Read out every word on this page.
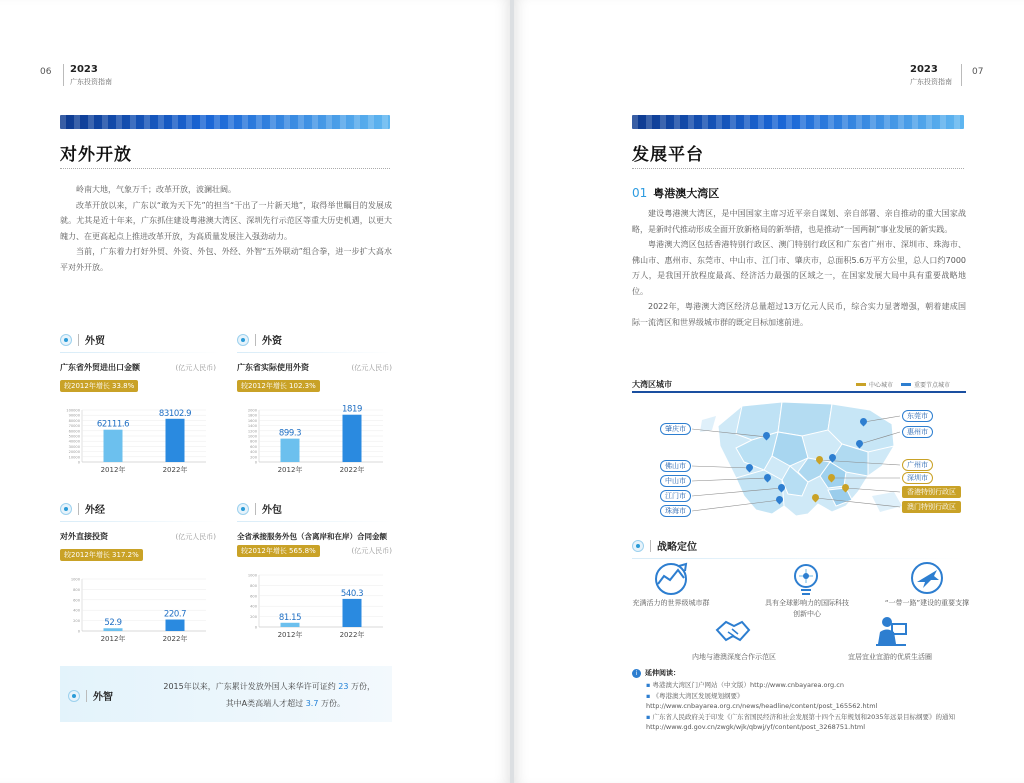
06 2023
广东投资指南
对外开放

岭南大地，气象万千；改革开放，波澜壮阔。

改革开放以来，广东以“敢为天下先”的担当“干出了一片新天地”，取得举世瞩目的发展成就。尤其是近十年来，广东抓住建设粤港澳大湾区、深圳先行示范区等重大历史机遇，以更大魄力、在更高起点上推进改革开放，为高质量发展注入强劲动力。

当前，广东着力打好外贸、外资、外包、外经、外智“五外联动”组合拳，进一步扩大高水平对外开放。

外贸
广东省外贸进出口金额	(亿元人民币)
较2012年增长 33.8%
0
10000
20000
30000
40000
50000
60000
70000
80000
90000
100000
62111.6
2012年
83102.9
2022年
外资
广东省实际使用外资	(亿元人民币)
较2012年增长 102.3%
0
200
400
600
800
1000
1200
1400
1600
1800
2000
899.3
2012年
1819
2022年
外经
对外直接投资	(亿元人民币)
较2012年增长 317.2%
0
200
400
600
800
1000
52.9
2012年
220.7
2022年
外包
全省承接服务外包（含离岸和在岸）合同金额
较2012年增长 565.8%	(亿元人民币)
0
200
400
600
800
1000
81.15
2012年
540.3
2022年
外智
2015年以来，广东累计发放外国人来华许可证约 23 万份，
其中A类高端人才超过 3.7 万份。
2023
广东投资指南
07
发展平台
01 粤港澳大湾区

建设粤港澳大湾区，是中国国家主席习近平亲自谋划、亲自部署、亲自推动的重大国家战略，是新时代推动形成全面开放新格局的新举措，也是推动“一国两制”事业发展的新实践。

粤港澳大湾区包括香港特别行政区、澳门特别行政区和广东省广州市、深圳市、珠海市、佛山市、惠州市、东莞市、中山市、江门市、肇庆市，总面积5.6万平方公里，总人口约7000万人，是我国开放程度最高、经济活力最强的区域之一，在国家发展大局中具有重要战略地位。

2022年，粤港澳大湾区经济总量超过13万亿元人民币，综合实力显著增强，朝着建成国际一流湾区和世界级城市群的既定目标加速前进。

大湾区城市	中心城市	重要节点城市
肇庆市
佛山市
中山市
江门市
珠海市
东莞市
惠州市
广州市
深圳市
香港特别行政区
澳门特别行政区
战略定位
充满活力的世界级城市群	具有全球影响力的国际科技创新中心
“一带一路”建设的重要支撑
内地与港澳深度合作示范区	宜居宜业宜游的优质生活圈
i	延伸阅读：
▪ 粤港澳大湾区门户网站（中文版）http://www.cnbayarea.org.cn
▪ 《粤港澳大湾区发展规划纲要》http://www.cnbayarea.org.cn/news/headline/content/post_165562.html
▪ 广东省人民政府关于印发《广东省国民经济和社会发展第十四个五年规划和2035年远景目标纲要》的通知 http://www.gd.gov.cn/zwgk/wjk/qbwj/yf/content/post_3268751.html
